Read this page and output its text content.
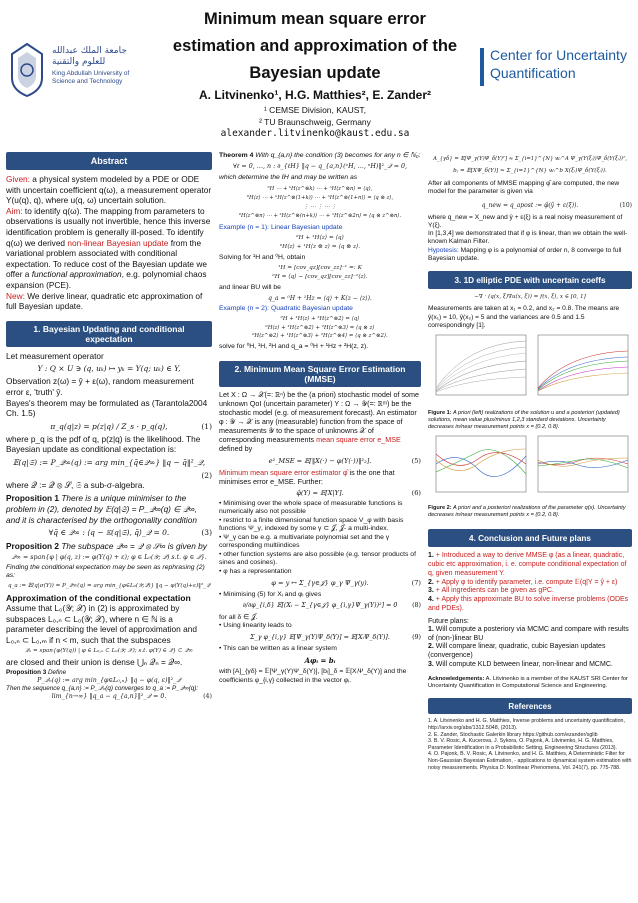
جامعة الملك عبدالله للعلوم والتقنية
King Abdullah University of Science and Technology
Minimum mean square error
estimation and approximation of the
Bayesian update
A. Litvinenko¹, H.G. Matthies², E. Zander²
¹ CEMSE Division, KAUST,
² TU Braunschweig, Germany
alexander.litvinenko@kaust.edu.sa
Center for Uncertainty Quantification
Abstract
Given: a physical system modeled by a PDE or ODE with uncertain coefficient q(ω), a measurement operator Y(u(q), q), where u(q, ω) uncertain solution.
Aim: to identify q(ω). The mapping from parameters to observations is usually not invertible, hence this inverse identification problem is generally ill-posed. To identify q(ω) we derived non-linear Bayesian update from the variational problem associated with conditional expectation. To reduce cost of the Bayesian update we offer a functional approximation, e.g. polynomial chaos expansion (PCE).
New: We derive linear, quadratic etc approximation of full Bayesian update.
1. Bayesian Updating and conditional expectation
Let measurement operator
Y : Q × U ∋ (q, uₖ) ↦ yₖ = Y(q; uₖ) ∈ Y,
Observation z(ω) = ŷ + ε(ω), random measurement error ε, 'truth' ŷ.
Bayes's theorem may be formulated as (Tarantola2004 Ch. 1.5)
π_q(q|z) = p(z|q) / Z_s · p_q(q),	(1)
where p_q is the pdf of q, p(z|q) is the likelihood. The Bayesian update as conditional expectation is:
𝔼(q|𝔖) := P_𝒬∞(q) := arg min_{q̃∈𝒬∞} ‖q − q̃‖²_𝒬,
(2)
where 𝒬 := 𝒬 ⊗ 𝒮, 𝔖 a sub-σ-algebra.
Proposition 1 There is a unique minimiser to the problem in (2), denoted by 𝔼(q|𝔖) = P_𝒬∞(q) ∈ 𝒬∞, and it is characterised by the orthogonality condition
∀q̃ ∈ 𝒬∞ : ⟨q − 𝔼(q|𝔖), q̃⟩_𝒬 = 0.	(3)
Proposition 2 The subspace 𝒬∞ = 𝒬 ⊗ 𝒮∞ is given by
𝒬∞ = span{φ | φ(q, z) := φ(Y(q) + ε); φ ∈ L₀(𝒴; 𝒬) s.t. φ ∈ 𝒬}.
Finding the conditional expectation may be seen as rephrasing (2) as:
q_a := 𝔼(q|σ(Y)) = P_𝒬∞(q) = arg min_{φ∈L₀(𝒴;𝒬)} ‖q − φ(Y(q)+ε)‖²_𝒬
Approximation of the conditional expectation
Assume that L₀(𝒴; 𝒳) in (2) is approximated by subspaces L₀,ₙ ⊂ L₀(𝒴; 𝒳), where n ∈ ℕ is a parameter describing the level of approximation and L₀,ₙ ⊂ L₀,ₘ if n < m, such that the subspaces
𝒬ₙ = span{φ(Y(q)) | φ ∈ L₀,ₙ ⊂ L₀(𝒴; 𝒳); s.t. φ(Y) ∈ 𝒬} ⊂ 𝒬∞
are closed and their union is dense ⋃ₙ 𝒬ₙ = 𝒬∞.
Proposition 3 Define
P_𝒬ₙ(q) := arg min_{φ∈L₀,ₙ} ‖q − φ(q, ε)‖²_𝒬
Then the sequence q_{a,n} := P_𝒬ₙ(q) converges to q_a := P_𝒬∞(q):
lim_{n→∞} ‖q_a − q_{a,n}‖²_𝒬 = 0.	(4)
Theorem 4 With q_{a,n} the condition (3) becomes for any n ∈ ℕ₀:
∀ℓ = 0, …, n : ∂_{ℓH} ‖q − q_{a,n}(ᵒH, …, ⁿH)‖²_𝒬 = 0,
which determine the ℓH and may be written as
⁰H ⋯ + ᵏH⟨z^⊗k⟩ ⋯ + ⁿH⟨z^⊗n⟩ = ⟨q⟩,
⁰H⟨z⟩ ⋯ + ᵏH⟨z^⊗(1+k)⟩ ⋯ + ⁿH⟨z^⊗(1+n)⟩ = ⟨q ⊗ z⟩,
⋮ ⋯ ⋮ ⋯ ⋮
⁰H⟨z^⊗n⟩ ⋯ + ᵏH⟨z^⊗(n+k)⟩ ⋯ + ⁿH⟨z^⊗2n⟩ = ⟨q ⊗ z^⊗n⟩.
Example (n = 1): Linear Bayesian update
⁰H + ¹H⟨z⟩ = ⟨q⟩
⁰H⟨z⟩ + ¹H⟨z ⊗ z⟩ = ⟨q ⊗ z⟩.
Solving for ¹H and ⁰H, obtain
¹H = [cov_qz][cov_zz]⁻¹ =: K
⁰H = ⟨q⟩ − [cov_qz][cov_zz]⁻¹⟨z⟩.
and linear BU will be
q_a = ⁰H + ¹Hz = ⟨q⟩ + K(z − ⟨z⟩).
Example (n = 2): Quadratic Bayesian update
⁰H + ¹H⟨z⟩ + ²H⟨z^⊗2⟩ = ⟨q⟩
⁰H⟨z⟩ + ¹H⟨z^⊗2⟩ + ²H⟨z^⊗3⟩ = ⟨q ⊗ z⟩
⁰H⟨z^⊗2⟩ + ¹H⟨z^⊗3⟩ + ²H⟨z^⊗4⟩ = ⟨q ⊗ z^⊗2⟩.
solve for ⁰H, ¹H, ²H and q_a = ⁰H + ¹Hz + ²H(z, z).
2. Minimum Mean Square Error Estimation (MMSE)
Let X : Ω → 𝒳(=: ℝⁿ) be the (a priori) stochastic model of some unknown QoI (uncertain parameter) Y : Ω → 𝒴(=: ℝᵐ) be the stochastic model (e.g. of measurement forecast). An estimator φ : 𝒴 → 𝒳 is any (measurable) function from the space of measurements 𝒴 to the space of unknowns 𝒳 of corresponding measurements mean square error e_MSE defined by
e²_MSE = 𝔼[‖X(·) − φ(Y(·))‖²₂].	(5)
Minimum mean square error estimator φ̂ is the one that minimises error e_MSE. Further:
φ̂(Y) = 𝔼[X|Y].	(6)
• Minimising over the whole space of measurable functions is numerically also not possible
• restrict to a finite dimensional function space V_φ with basis functions Ψ_γ, indexed by some γ ⊂ 𝒥, 𝒥- a multi-index.
• Ψ_γ can be e.g. a multivariate polynomial set and the γ corresponding multiindices
• other function systems are also possible (e.g. tensor products of sines and cosines).
• φ has a representation
φ = y ↦ Σ_{γ∈𝒥} φ_γ Ψ_γ(y).	(7)
• Minimising (5) for Xᵢ and φᵢ gives
∂/∂φ_{i,δ} 𝔼[(Xᵢ − Σ_{γ∈𝒥} φ_{i,γ}Ψ_γ(Y))²] = 0 (8)
for all δ ∈ 𝒥.
• Using linearity leads to
Σ_γ φ_{i,γ} 𝔼[Ψ_γ(Y)Ψ_δ(Y)] = 𝔼[XᵢΨ_δ(Y)].	(9)
• This can be written as a linear system
Aφᵢ = bᵢ
with [A]_{γδ} = 𝔼[Ψ_γ(Y)Ψ_δ(Y)], [bᵢ]_δ = 𝔼[XᵢΨ_δ(Y)] and the coefficients φ_{i,γ} collected in the vector φᵢ.
A_{γδ} = 𝔼[Ψ_γ(Y)Ψ_δ(Y)ᵀ] ≈ Σ_{i=1}^{N} wᵢ^A Ψ_γ(Y(ξᵢ))Ψ_δ(Y(ξᵢ))ᵀ,
bⱼ = 𝔼[XΨ_δ(Y)] ≈ Σ_{i=1}^{N} wᵢ^b X(ξᵢ)Ψ_δ(Y(ξᵢ)).
After all components of MMSE mapping φ̂ are computed, the new model for the parameter is given via
q_new = q_apost := φ̂(ŷ + ε(ξ)).	(10)
where q_new = X_new and ŷ + ε(ξ) is a real noisy measurement of Y(ξ).
In [1,3,4] we demonstrated that if φ is linear, than we obtain the well-known Kalman Filter.
Hypotesis: Mapping φ is a polynomial of order n, 8 converge to full Bayesian update.
3. 1D elliptic PDE with uncertain coeffs
−∇ · (q(x, ξ)∇u(x, ξ)) = f(x, ξ), x ∈ [0, 1]
Measurements are taken at x₁ = 0.2, and x₂ = 0.8. The means are ŷ(x₁) = 10, ŷ(x₂) = 5 and the variances are 0.5 and 1.5 correspondingly [1].
Figure 1: A priori (left) realizations of the solution u and a posteriori (updated) solutions, mean value plus/minus 1,2,3 standard deviations. Uncertainty decreases in/near measurement points x = {0.2, 0.8}.
Figure 2: A priori and a posteriori realizations of the parameter q(x). Uncertainty decreases in/near measurement points x = {0.2, 0.8}.
4. Conclusion and Future plans
1. + Introduced a way to derive MMSE φ (as a linear, quadratic, cubic etc approximation, i. e. compute conditional expectation of q, given measurement Y.
2. + Apply φ to identify parameter, i.e. compute 𝔼(q|Y = ŷ + ε)
3. + All ingredients can be given as gPC.
4. + Apply this approximate BU to solve inverse problems (ODEs and PDEs).
Future plans:
1. Will compute a posteriory via MCMC and compare with results of (non-)linear BU
2. Will compare linear, quadratic, cubic Bayesian updates (convergence)
3. Will compute KLD between linear, non-linear and MCMC.
Acknowledgements: A. Litvinenko is a member of the KAUST SRI Center for Uncertainty Quantification in Computational Science and Engineering.
References
1. A. Litvinenko and H. G. Matthies, Inverse problems and uncertainty quantification, http://arxiv.org/abs/1312.5048, (2013).
2. E. Zander, Stochastic Galerkin library https://github.com/ezander/sglib
3. B. V. Rosic, A. Kucerova, J. Sykora, O. Pajonk, A. Litvinenko, H. G. Matthies, Parameter Identification in a Probabilistic Setting, Engineering Structures (2013).
4. O. Pajonk, B. V. Rosic, A. Litvinenko, and H. G. Matthies, A Deterministic Filter for Non-Gaussian Bayesian Estimation, - applications to dynamical system estimation with noisy measurements. Physica D: Nonlinear Phenomena, Vol. 241(7), pp. 775-788.
